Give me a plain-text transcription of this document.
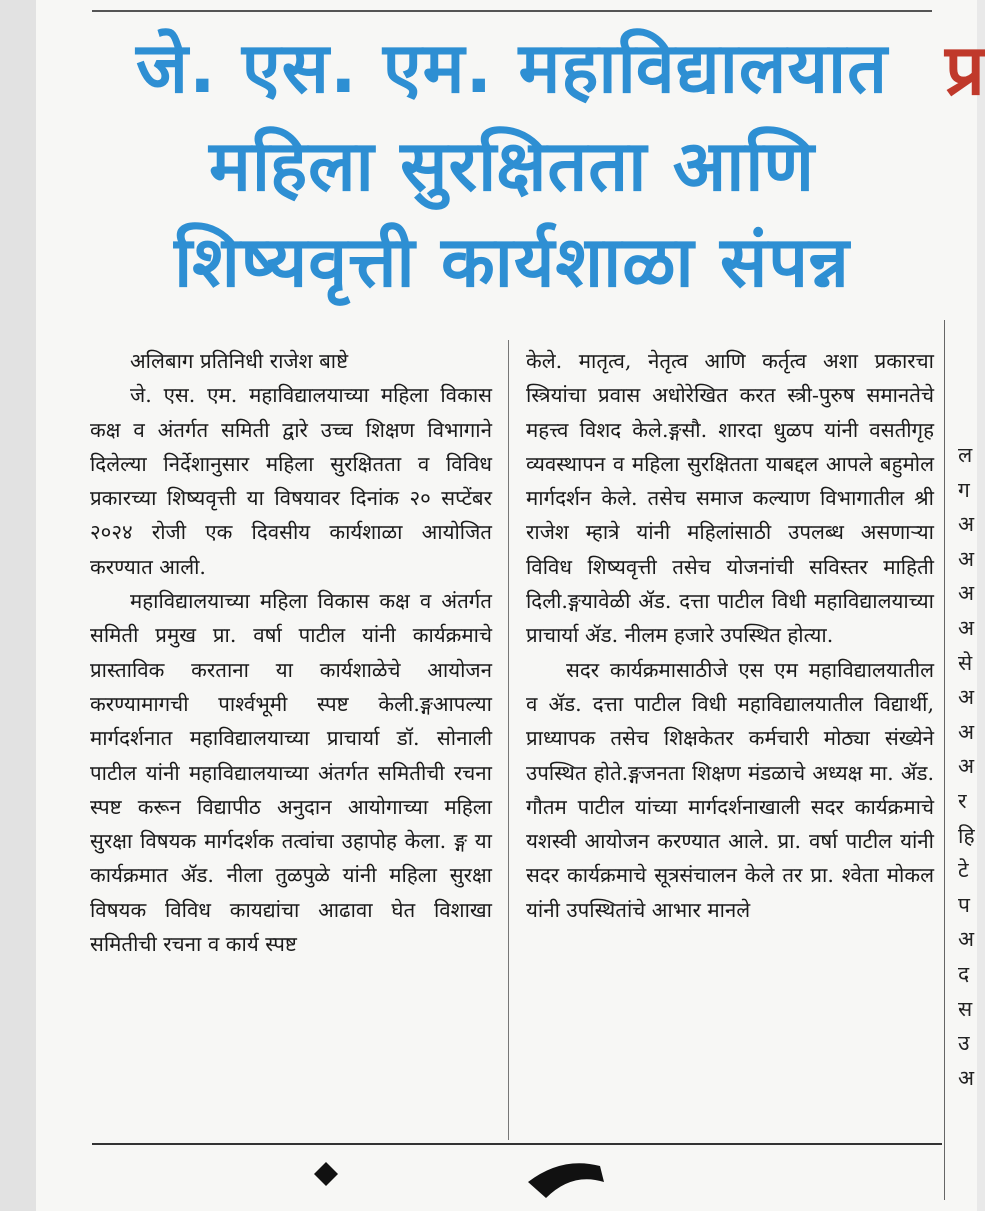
जे. एस. एम. महाविद्यालयात
महिला सुरक्षितता आणि
शिष्यवृत्ती कार्यशाळा संपन्न
प्र

अलिबाग प्रतिनिधी राजेश बाष्टे

जे. एस. एम. महाविद्यालयाच्या महिला विकास कक्ष व अंतर्गत समिती द्वारे उच्च शिक्षण विभागाने दिलेल्या निर्देशानुसार महिला सुरक्षितता व विविध प्रकारच्या शिष्यवृत्ती या विषयावर दिनांक २० सप्टेंबर २०२४ रोजी एक दिवसीय कार्यशाळा आयोजित करण्यात आली.

महाविद्यालयाच्या महिला विकास कक्ष व अंतर्गत समिती प्रमुख प्रा. वर्षा पाटील यांनी कार्यक्रमाचे प्रास्ताविक करताना या कार्यशाळेचे आयोजन करण्यामागची पार्श्वभूमी स्पष्ट केली.ङ्गआपल्या मार्गदर्शनात महाविद्यालयाच्या प्राचार्या डॉ. सोनाली पाटील यांनी महाविद्यालयाच्या अंतर्गत समितीची रचना स्पष्ट करून विद्यापीठ अनुदान आयोगाच्या महिला सुरक्षा विषयक मार्गदर्शक तत्वांचा उहापोह केला. ङ्ग या कार्यक्रमात ॲड. नीला तुळपुळे यांनी महिला सुरक्षा विषयक विविध कायद्यांचा आढावा घेत विशाखा समितीची रचना व कार्य स्पष्ट

केले. मातृत्व, नेतृत्व आणि कर्तृत्व अशा प्रकारचा स्त्रियांचा प्रवास अधोरेखित करत स्त्री-पुरुष समानतेचे महत्त्व विशद केले.ङ्गसौ. शारदा धुळप यांनी वसतीगृह व्यवस्थापन व महिला सुरक्षितता याबद्दल आपले बहुमोल मार्गदर्शन केले. तसेच समाज कल्याण विभागातील श्री राजेश म्हात्रे यांनी महिलांसाठी उपलब्ध असणाऱ्या विविध शिष्यवृत्ती तसेच योजनांची सविस्तर माहिती दिली.ङ्गयावेळी ॲड. दत्ता पाटील विधी महाविद्यालयाच्या प्राचार्या ॲड. नीलम हजारे उपस्थित होत्या.

सदर कार्यक्रमासाठीजे एस एम महाविद्यालयातील व ॲड. दत्ता पाटील विधी महाविद्यालयातील विद्यार्थी, प्राध्यापक तसेच शिक्षकेतर कर्मचारी मोठ्या संख्येने उपस्थित होते.ङ्गजनता शिक्षण मंडळाचे अध्यक्ष मा. ॲड. गौतम पाटील यांच्या मार्गदर्शनाखाली सदर कार्यक्रमाचे यशस्वी आयोजन करण्यात आले. प्रा. वर्षा पाटील यांनी सदर कार्यक्रमाचे सूत्रसंचालन केले तर प्रा. श्वेता मोकल यांनी उपस्थितांचे आभार मानले

ल
ग
अ
अ
अ
अ
से
अ
अ
अ
र
हि
टे
प
अ
द
स
उ
अ
